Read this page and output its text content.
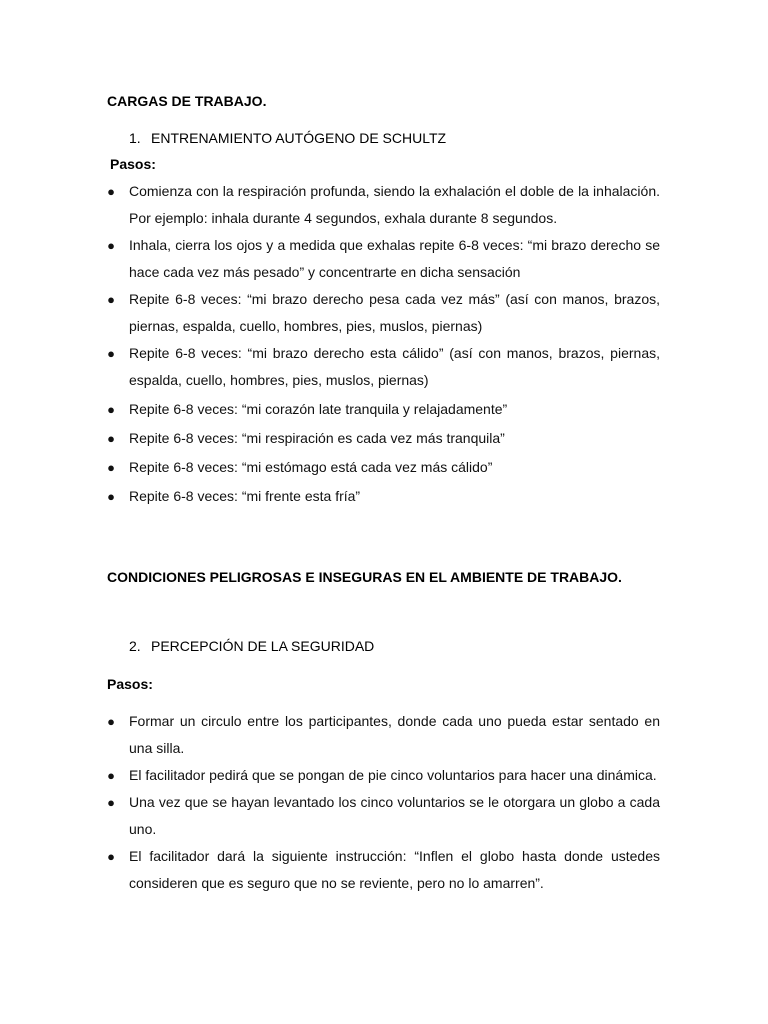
CARGAS DE TRABAJO.
1. ENTRENAMIENTO AUTÓGENO DE SCHULTZ
Pasos:
● Comienza con la respiración profunda, siendo la exhalación el doble de la inhalación. Por ejemplo: inhala durante 4 segundos, exhala durante 8 segundos.
● Inhala, cierra los ojos y a medida que exhalas repite 6-8 veces: “mi brazo derecho se hace cada vez más pesado” y concentrarte en dicha sensación
● Repite 6-8 veces: “mi brazo derecho pesa cada vez más” (así con manos, brazos, piernas, espalda, cuello, hombres, pies, muslos, piernas)
● Repite 6-8 veces: “mi brazo derecho esta cálido” (así con manos, brazos, piernas, espalda, cuello, hombres, pies, muslos, piernas)
● Repite 6-8 veces: “mi corazón late tranquila y relajadamente”
● Repite 6-8 veces: “mi respiración es cada vez más tranquila”
● Repite 6-8 veces: “mi estómago está cada vez más cálido”
● Repite 6-8 veces: “mi frente esta fría”
CONDICIONES PELIGROSAS E INSEGURAS EN EL AMBIENTE DE TRABAJO.
2. PERCEPCIÓN DE LA SEGURIDAD
Pasos:
● Formar un circulo entre los participantes, donde cada uno pueda estar sentado en una silla.
● El facilitador pedirá que se pongan de pie cinco voluntarios para hacer una dinámica.
● Una vez que se hayan levantado los cinco voluntarios se le otorgara un globo a cada uno.
● El facilitador dará la siguiente instrucción: “Inflen el globo hasta donde ustedes consideren que es seguro que no se reviente, pero no lo amarren”.
